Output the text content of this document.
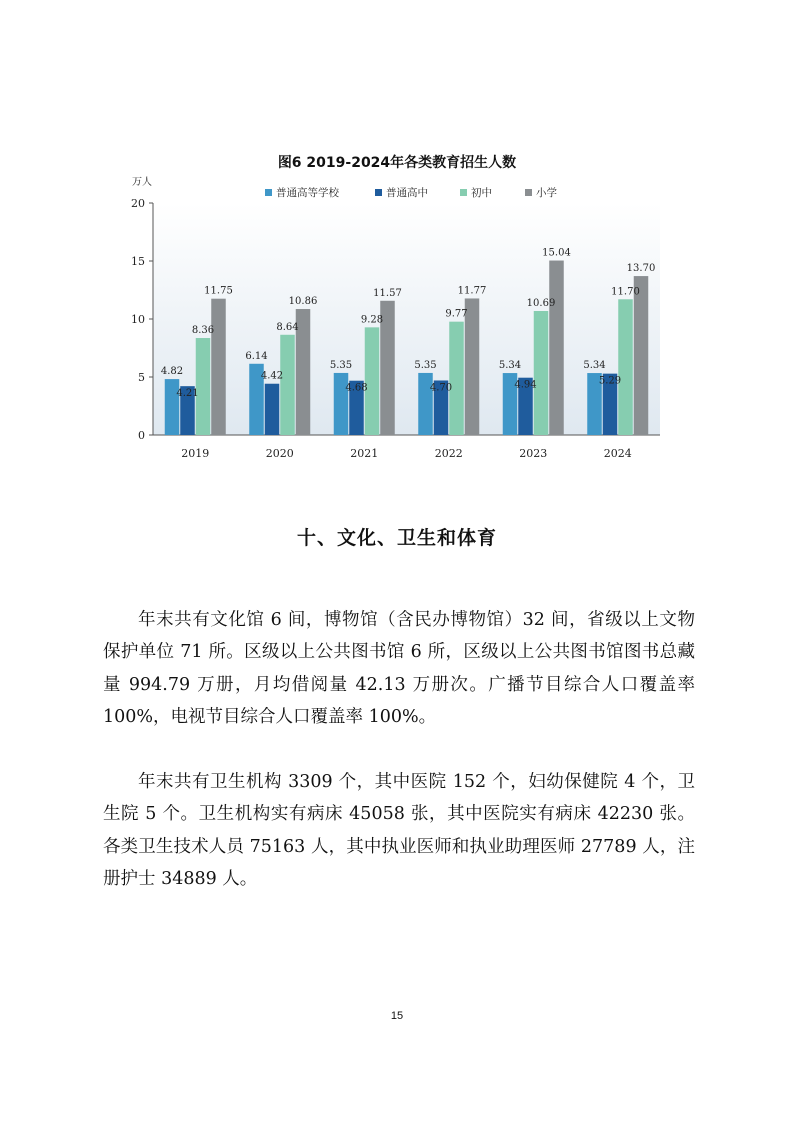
图6 2019-2024年各类教育招生人数
0
5
10
15
20
2019	2020	2021	2022	2023	2024
4.82
4.21
8.36
11.75
6.14
4.42
8.64
10.86
5.35
4.68
9.28
11.57
5.35
4.70
9.77
11.77
5.34
4.94
10.69
15.04
5.34
5.29
11.70
13.70
普通高等学校	普通高中	初中	小学
万人
十、文化、卫生和体育

年末共有文化馆 6 间，博物馆（含民办博物馆）32 间，省级以上文物保护单位 71 所。区级以上公共图书馆 6 所，区级以上公共图书馆图书总藏量 994.79 万册，月均借阅量 42.13 万册次。广播节目综合人口覆盖率 100%，电视节目综合人口覆盖率 100%。

年末共有卫生机构 3309 个，其中医院 152 个，妇幼保健院 4 个，卫生院 5 个。卫生机构实有病床 45058 张，其中医院实有病床 42230 张。各类卫生技术人员 75163 人，其中执业医师和执业助理医师 27789 人，注册护士 34889 人。

15
